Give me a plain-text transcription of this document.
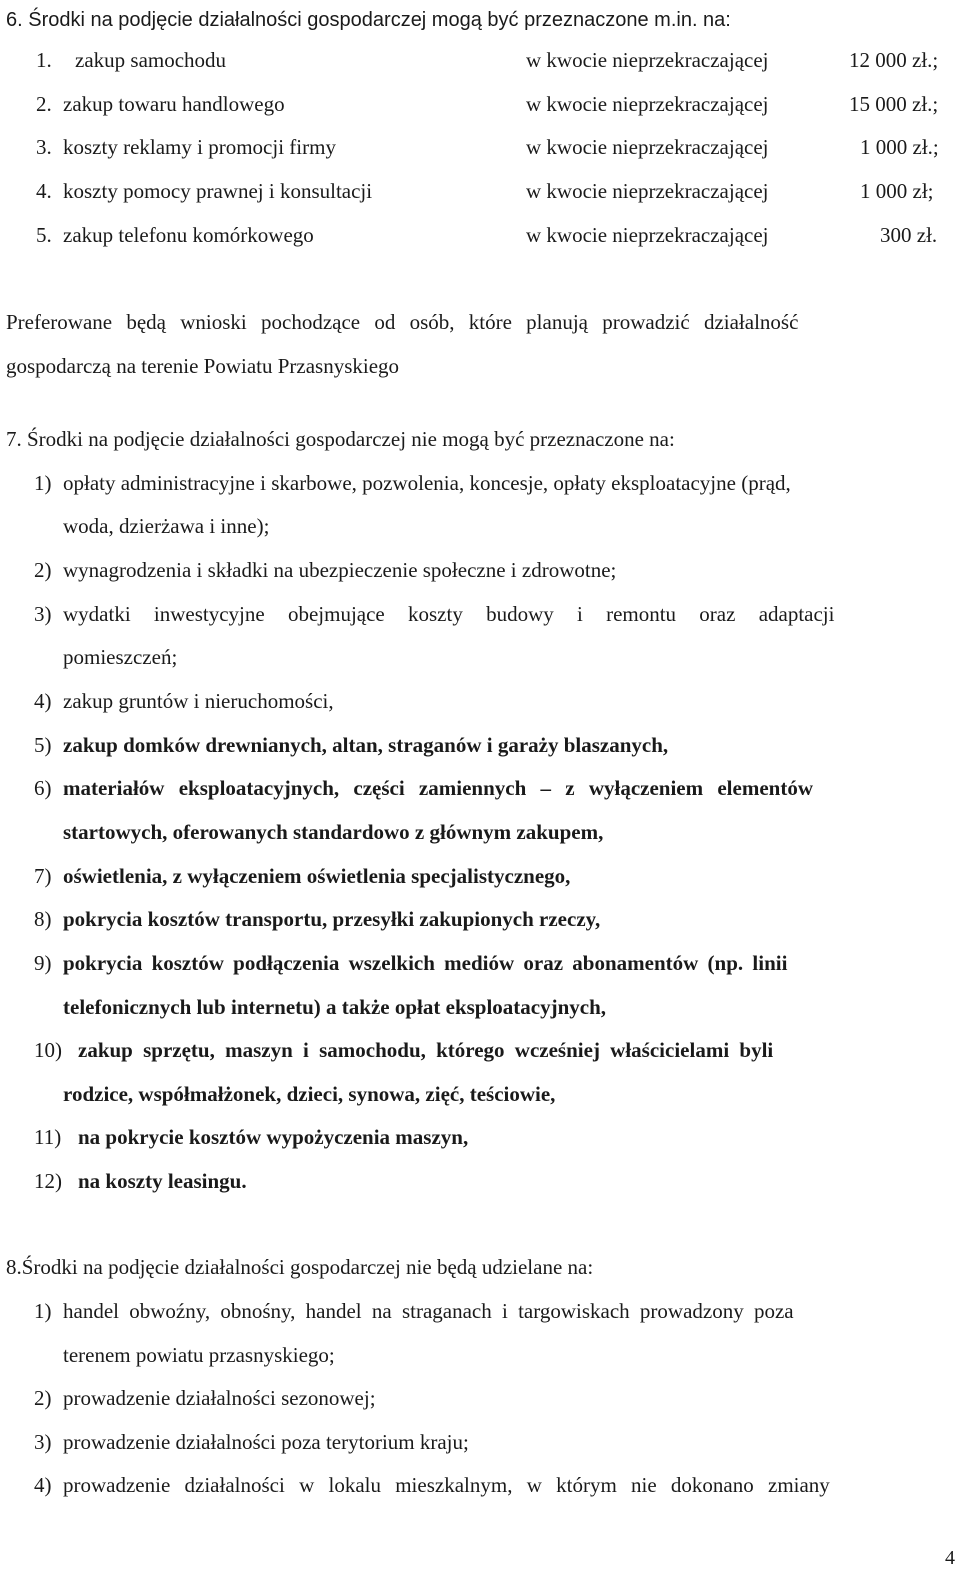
6. Środki na podjęcie działalności gospodarczej mogą być przeznaczone m.in. na:
1. zakup samochodu	w kwocie nieprzekraczającej	12 000 zł.;
2. zakup towaru handlowego	w kwocie nieprzekraczającej	15 000 zł.;
3. koszty reklamy i promocji firmy	w kwocie nieprzekraczającej	1 000 zł.;
4. koszty pomocy prawnej i konsultacji	w kwocie nieprzekraczającej	1 000 zł;
5. zakup telefonu komórkowego	w kwocie nieprzekraczającej	300 zł.
Preferowane będą wnioski pochodzące od osób, które planują prowadzić działalność
gospodarczą na terenie Powiatu Przasnyskiego
7. Środki na podjęcie działalności gospodarczej nie mogą być przeznaczone na:
1) opłaty administracyjne i skarbowe, pozwolenia, koncesje, opłaty eksploatacyjne (prąd,
woda, dzierżawa i inne);
2) wynagrodzenia i składki na ubezpieczenie społeczne i zdrowotne;
3) wydatki inwestycyjne obejmujące koszty budowy i remontu oraz adaptacji
pomieszczeń;
4) zakup gruntów i nieruchomości,
5) zakup domków drewnianych, altan, straganów i garaży blaszanych,
6) materiałów eksploatacyjnych, części zamiennych – z wyłączeniem elementów
startowych, oferowanych standardowo z głównym zakupem,
7) oświetlenia, z wyłączeniem oświetlenia specjalistycznego,
8) pokrycia kosztów transportu, przesyłki zakupionych rzeczy,
9) pokrycia kosztów podłączenia wszelkich mediów oraz abonamentów (np. linii
telefonicznych lub internetu) a także opłat eksploatacyjnych,
10) zakup sprzętu, maszyn i samochodu, którego wcześniej właścicielami byli
rodzice, współmałżonek, dzieci, synowa, zięć, teściowie,
11) na pokrycie kosztów wypożyczenia maszyn,
12) na koszty leasingu.
8.Środki na podjęcie działalności gospodarczej nie będą udzielane na:
1) handel obwoźny, obnośny, handel na straganach i targowiskach prowadzony poza
terenem powiatu przasnyskiego;
2) prowadzenie działalności sezonowej;
3) prowadzenie działalności poza terytorium kraju;
4) prowadzenie działalności w lokalu mieszkalnym, w którym nie dokonano zmiany
4
